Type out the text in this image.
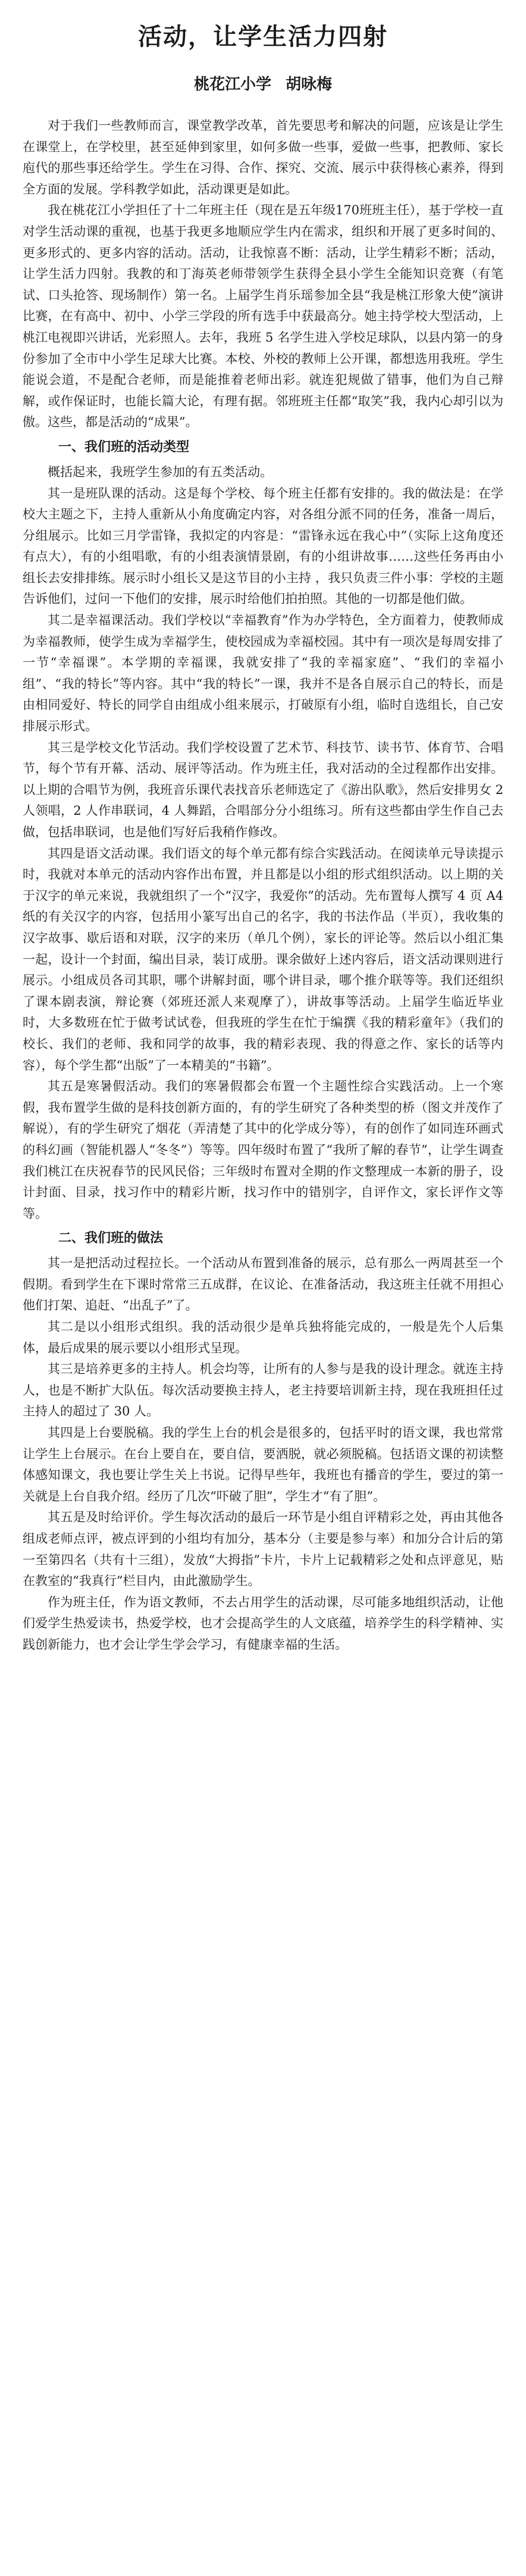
活动，让学生活力四射
桃花江小学 胡咏梅

对于我们一些教师而言，课堂教学改革，首先要思考和解决的问题，应该是让学生在课堂上，在学校里，甚至延伸到家里，如何多做一些事，爱做一些事，把教师、家长庖代的那些事还给学生。学生在习得、合作、探究、交流、展示中获得核心素养，得到全方面的发展。学科教学如此，活动课更是如此。

我在桃花江小学担任了十二年班主任（现在是五年级170班班主任），基于学校一直对学生活动课的重视，也基于我更多地顺应学生内在需求，组织和开展了更多时间的、更多形式的、更多内容的活动。活动，让我惊喜不断：活动，让学生精彩不断；活动，让学生活力四射。我教的和丁海英老师带领学生获得全县小学生全能知识竞赛（有笔试、口头抢答、现场制作）第一名。上届学生肖乐瑶参加全县“我是桃江形象大使”演讲比赛，在有高中、初中、小学三学段的所有选手中获最高分。她主持学校大型活动，上桃江电视即兴讲话，光彩照人。去年，我班 5 名学生进入学校足球队，以县内第一的身份参加了全市中小学生足球大比赛。本校、外校的教师上公开课，都想选用我班。学生能说会道，不是配合老师，而是能推着老师出彩。就连犯规做了错事，他们为自己辩解，或作保证时，也能长篇大论，有理有据。邻班班主任都“取笑”我，我内心却引以为傲。这些，都是活动的“成果”。

一、我们班的活动类型

概括起来，我班学生参加的有五类活动。

其一是班队课的活动。这是每个学校、每个班主任都有安排的。我的做法是：在学校大主题之下，主持人重新从小角度确定内容，对各组分派不同的任务，准备一周后，分组展示。比如三月学雷锋，我拟定的内容是：“雷锋永远在我心中”（实际上这角度还有点大），有的小组唱歌，有的小组表演情景剧，有的小组讲故事……这些任务再由小组长去安排排练。展示时小组长又是这节目的小主持 ，我只负责三件小事：学校的主题告诉他们，过问一下他们的安排，展示时给他们拍拍照。其他的一切都是他们做。

其二是幸福课活动。我们学校以“幸福教育”作为办学特色，全方面着力，使教师成为幸福教师，使学生成为幸福学生，使校园成为幸福校园。其中有一项次是每周安排了一节“幸福课”。本学期的幸福课，我就安排了“我的幸福家庭”、“我们的幸福小组”、“我的特长”等内容。其中“我的特长”一课，我并不是各自展示自己的特长，而是由相同爱好、特长的同学自由组成小组来展示，打破原有小组，临时自选组长，自己安排展示形式。

其三是学校文化节活动。我们学校设置了艺术节、科技节、读书节、体育节、合唱节，每个节有开幕、活动、展评等活动。作为班主任，我对活动的全过程都作出安排。以上期的合唱节为例，我班音乐课代表找音乐老师选定了《游出队歌》，然后安排男女 2 人领唱，2 人作串联词，4 人舞蹈，合唱部分分小组练习。所有这些都由学生作自己去做，包括串联词，也是他们写好后我稍作修改。

其四是语文活动课。我们语文的每个单元都有综合实践活动。在阅读单元导读提示时，我就对本单元的活动内容作出布置，并且都是以小组的形式组织活动。以上期的关于汉字的单元来说，我就组织了一个“汉字，我爱你”的活动。先布置每人撰写 4 页 A4 纸的有关汉字的内容，包括用小篆写出自己的名字，我的书法作品（半页），我收集的汉字故事、歇后语和对联，汉字的来历（单几个例），家长的评论等。然后以小组汇集一起，设计一个封面，编出目录，装订成册。课余做好上述内容后，语文活动课则进行展示。小组成员各司其职，哪个讲解封面，哪个讲目录，哪个推介联等等。我们还组织了课本剧表演，辩论赛（郊班还派人来观摩了），讲故事等活动。上届学生临近毕业时，大多数班在忙于做考试试卷，但我班的学生在忙于编撰《我的精彩童年》（我们的校长、我们的老师、我和同学的故事，我的精彩表现、我的得意之作、家长的话等内容），每个学生都“出版”了一本精美的“书籍”。

其五是寒暑假活动。我们的寒暑假都会布置一个主题性综合实践活动。上一个寒假，我布置学生做的是科技创新方面的，有的学生研究了各种类型的桥（图文并茂作了解说），有的学生研究了烟花（弄清楚了其中的化学成分等），有的创作了如同连环画式的科幻画（智能机器人“冬冬”）等等。四年级时布置了“我所了解的春节”，让学生调查我们桃江在庆祝春节的民风民俗；三年级时布置对全期的作文整理成一本新的册子，设计封面、目录，找习作中的精彩片断，找习作中的错别字，自评作文，家长评作文等等。

二、我们班的做法

其一是把活动过程拉长。一个活动从布置到准备的展示，总有那么一两周甚至一个假期。看到学生在下课时常常三五成群，在议论、在准备活动，我这班主任就不用担心他们打架、追赶、“出乱子”了。

其二是以小组形式组织。我的活动很少是单兵独将能完成的，一般是先个人后集体，最后成果的展示要以小组形式呈现。

其三是培养更多的主持人。机会均等，让所有的人参与是我的设计理念。就连主持人，也是不断扩大队伍。每次活动要换主持人，老主持要培训新主持，现在我班担任过主持人的超过了 30 人。

其四是上台要脱稿。我的学生上台的机会是很多的，包括平时的语文课，我也常常让学生上台展示。在台上要自在，要自信，要洒脱，就必须脱稿。包括语文课的初读整体感知课文，我也要让学生关上书说。记得早些年，我班也有播音的学生，要过的第一关就是上台自我介绍。经历了几次“吓破了胆”，学生才“有了胆”。

其五是及时给评价。学生每次活动的最后一环节是小组自评精彩之处，再由其他各组成老师点评，被点评到的小组均有加分，基本分（主要是参与率）和加分合计后的第一至第四名（共有十三组），发放“大拇指”卡片，卡片上记载精彩之处和点评意见，贴在教室的“我真行”栏目内，由此激励学生。

作为班主任，作为语文教师，不去占用学生的活动课，尽可能多地组织活动，让他们爱学生热爱读书，热爱学校，也才会提高学生的人文底蕴，培养学生的科学精神、实践创新能力，也才会让学生学会学习，有健康幸福的生活。
